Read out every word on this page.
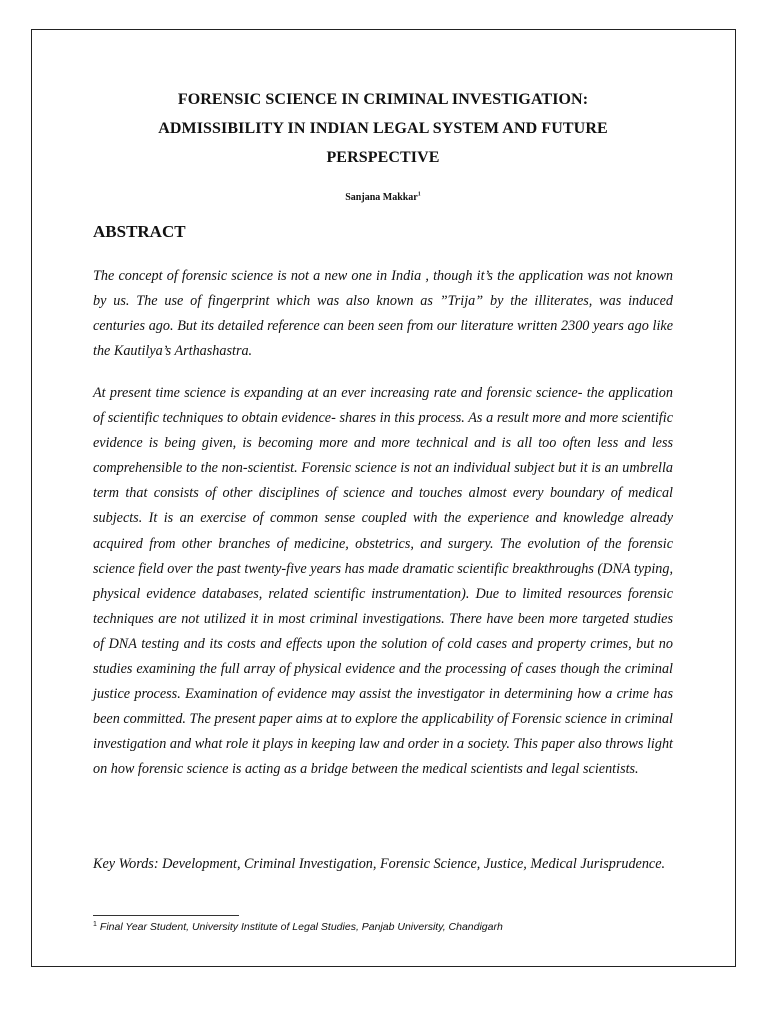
FORENSIC SCIENCE IN CRIMINAL INVESTIGATION:
ADMISSIBILITY IN INDIAN LEGAL SYSTEM AND FUTURE
PERSPECTIVE
Sanjana Makkar$^1$
ABSTRACT

The concept of forensic science is not a new one in India , though it’s the application was not known by us. The use of fingerprint which was also known as ”Trija” by the illiterates, was induced centuries ago. But its detailed reference can been seen from our literature written 2300 years ago like the Kautilya’s Arthashastra.

At present time science is expanding at an ever increasing rate and forensic science- the application of scientific techniques to obtain evidence- shares in this process. As a result more and more scientific evidence is being given, is becoming more and more technical and is all too often less and less comprehensible to the non-scientist. Forensic science is not an individual subject but it is an umbrella term that consists of other disciplines of science and touches almost every boundary of medical subjects. It is an exercise of common sense coupled with the experience and knowledge already acquired from other branches of medicine, obstetrics, and surgery. The evolution of the forensic science field over the past twenty-five years has made dramatic scientific breakthroughs (DNA typing, physical evidence databases, related scientific instrumentation). Due to limited resources forensic techniques are not utilized it in most criminal investigations. There have been more targeted studies of DNA testing and its costs and effects upon the solution of cold cases and property crimes, but no studies examining the full array of physical evidence and the processing of cases though the criminal justice process. Examination of evidence may assist the investigator in determining how a crime has been committed. The present paper aims at to explore the applicability of Forensic science in criminal investigation and what role it plays in keeping law and order in a society. This paper also throws light on how forensic science is acting as a bridge between the medical scientists and legal scientists.

Key Words: Development, Criminal Investigation, Forensic Science, Justice, Medical Jurisprudence.

$^1$ Final Year Student, University Institute of Legal Studies, Panjab University, Chandigarh
